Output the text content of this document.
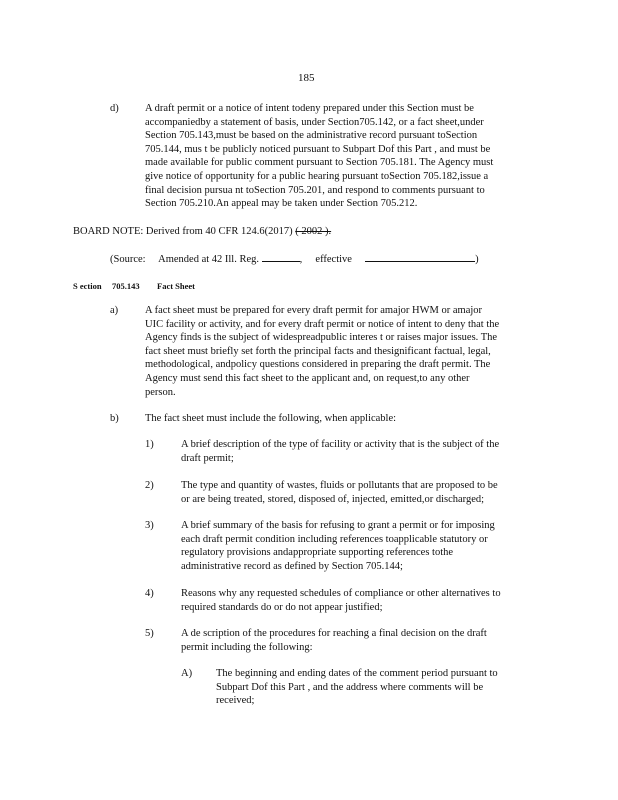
185
d)	A draft permit or a notice of intent todeny prepared under this Section must be
accompaniedby a statement of basis, under Section705.142, or a fact sheet,under
Section 705.143,must be based on the administrative record pursuant toSection
705.144, mus t be publicly noticed pursuant to Subpart Dof this Part , and must be
made available for public comment pursuant to Section 705.181. The Agency must
give notice of opportunity for a public hearing pursuant toSection 705.182,issue a
final decision pursua nt toSection 705.201, and respond to comments pursuant to
Section 705.210.An appeal may be taken under Section 705.212.
BOARD NOTE: Derived from 40 CFR 124.6(2017) ( 2002 ).
(Source: Amended at 42 Ill. Reg.	, effective	)
S ection 705.143 Fact Sheet
a)	A fact sheet must be prepared for every draft permit for amajor HWM or amajor
UIC facility or activity, and for every draft permit or notice of intent to deny that the
Agency finds is the subject of widespreadpublic interes t or raises major issues. The
fact sheet must briefly set forth the principal facts and thesignificant factual, legal,
methodological, andpolicy questions considered in preparing the draft permit. The
Agency must send this fact sheet to the applicant and, on request,to any other
person.
b)	The fact sheet must include the following, when applicable:
1)	A brief description of the type of facility or activity that is the subject of the
draft permit;
2)	The type and quantity of wastes, fluids or pollutants that are proposed to be
or are being treated, stored, disposed of, injected, emitted,or discharged;
3)	A brief summary of the basis for refusing to grant a permit or for imposing
each draft permit condition including references toapplicable statutory or
regulatory provisions andappropriate supporting references tothe
administrative record as defined by Section 705.144;
4)	Reasons why any requested schedules of compliance or other alternatives to
required standards do or do not appear justified;
5)	A de scription of the procedures for reaching a final decision on the draft
permit including the following:
A) The beginning and ending dates of the comment period pursuant to
Subpart Dof this Part , and the address where comments will be
received;
